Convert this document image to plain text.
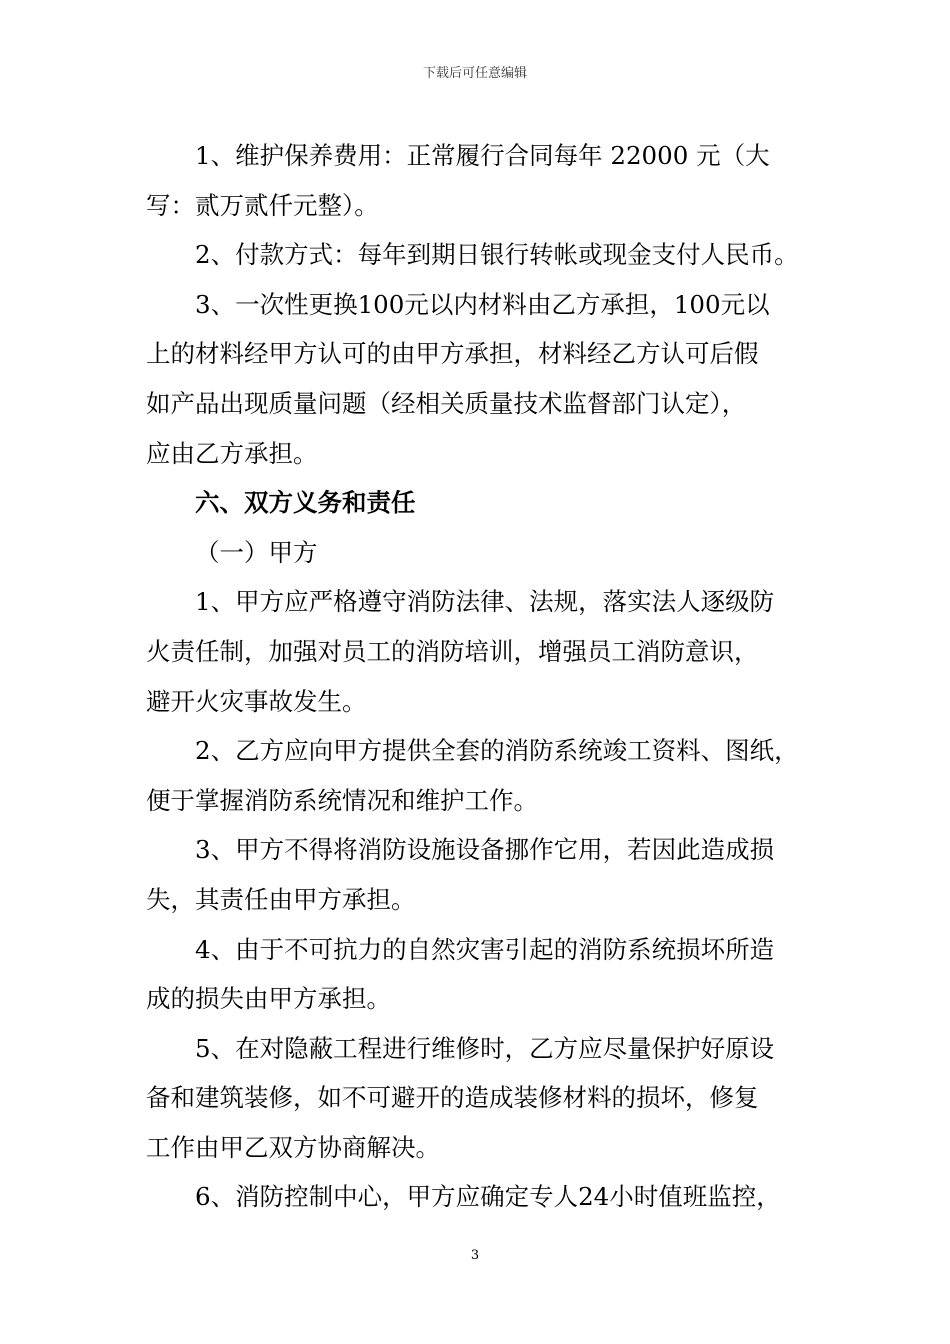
下载后可任意编辑
1、维护保养费用：正常履行合同每年 22000 元（大
写：贰万贰仟元整）。
2、付款方式：每年到期日银行转帐或现金支付人民币。
3、一次性更换100元以内材料由乙方承担，100元以
上的材料经甲方认可的由甲方承担，材料经乙方认可后假
如产品出现质量问题（经相关质量技术监督部门认定），
应由乙方承担。
六、双方义务和责任
（一）甲方
1、甲方应严格遵守消防法律、法规，落实法人逐级防
火责任制，加强对员工的消防培训，增强员工消防意识，
避开火灾事故发生。
2、乙方应向甲方提供全套的消防系统竣工资料、图纸，
便于掌握消防系统情况和维护工作。
3、甲方不得将消防设施设备挪作它用，若因此造成损
失，其责任由甲方承担。
4、由于不可抗力的自然灾害引起的消防系统损坏所造
成的损失由甲方承担。
5、在对隐蔽工程进行维修时，乙方应尽量保护好原设
备和建筑装修，如不可避开的造成装修材料的损坏，修复
工作由甲乙双方协商解决。
6、消防控制中心，甲方应确定专人24小时值班监控，
3
